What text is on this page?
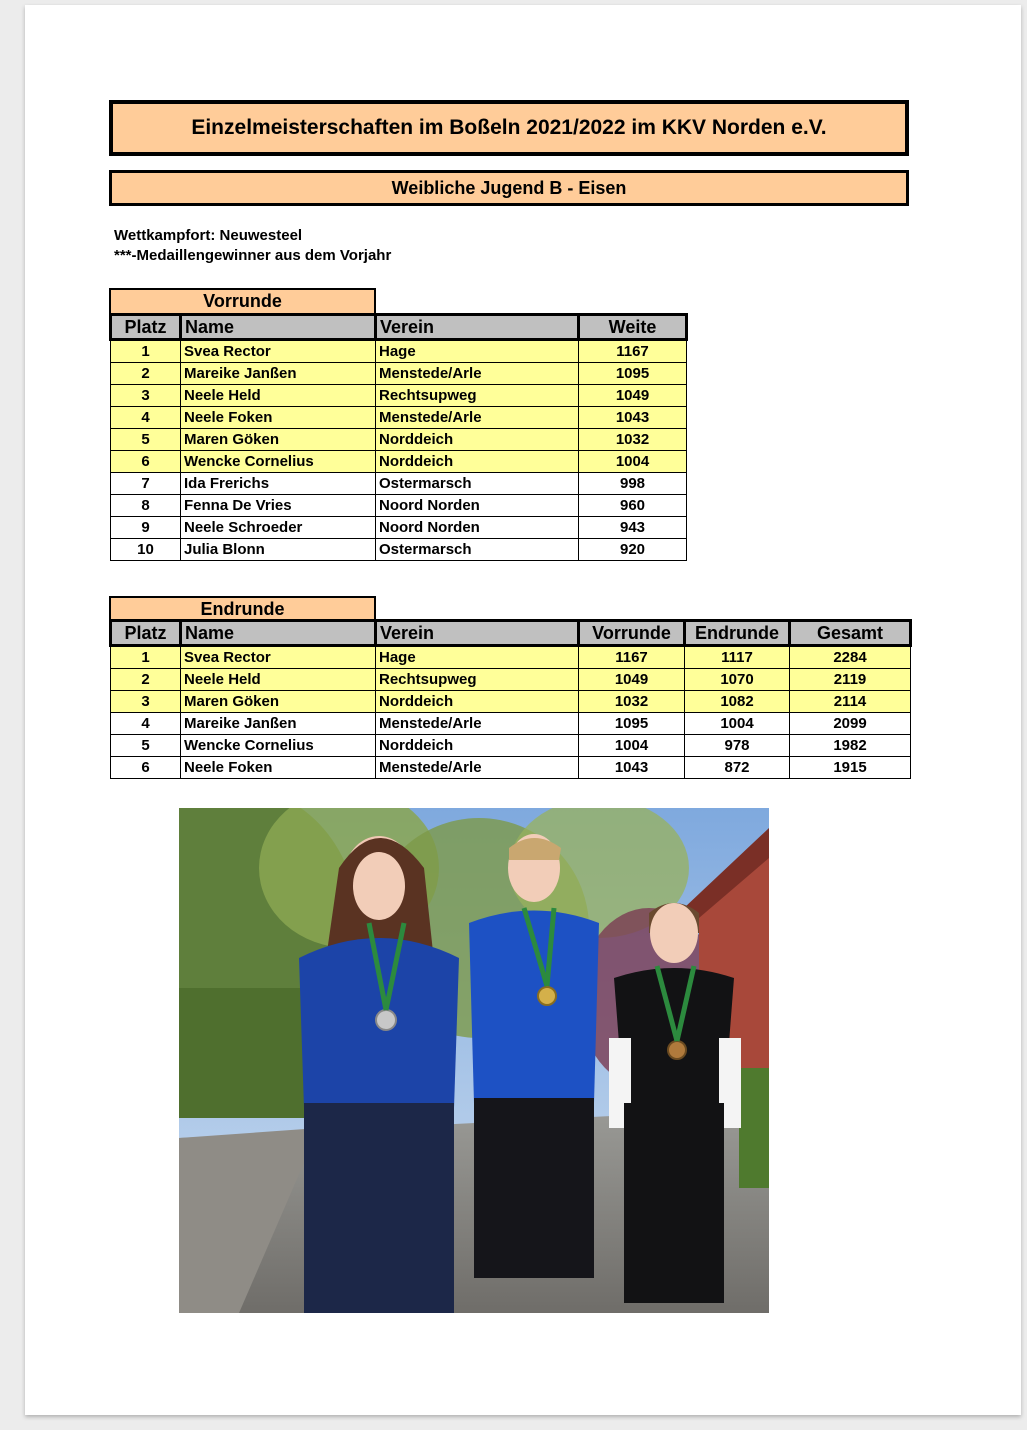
Einzelmeisterschaften im Boßeln 2021/2022 im KKV Norden e.V.
Weibliche Jugend B - Eisen
Wettkampfort: Neuwesteel
***-Medaillengewinner aus dem Vorjahr
Vorrunde
Platz	Name	Verein	Weite
1	Svea Rector	Hage	1167
2	Mareike Janßen	Menstede/Arle	1095
3	Neele Held	Rechtsupweg	1049
4	Neele Foken	Menstede/Arle	1043
5	Maren Göken	Norddeich	1032
6	Wencke Cornelius	Norddeich	1004
7	Ida Frerichs	Ostermarsch	998
8	Fenna De Vries	Noord Norden	960
9	Neele Schroeder	Noord Norden	943
10	Julia Blonn	Ostermarsch	920
Endrunde
Platz	Name	Verein	Vorrunde	Endrunde	Gesamt
1	Svea Rector	Hage	1167	1117	2284
2	Neele Held	Rechtsupweg	1049	1070	2119
3	Maren Göken	Norddeich	1032	1082	2114
4	Mareike Janßen	Menstede/Arle	1095	1004	2099
5	Wencke Cornelius	Norddeich	1004	978	1982
6	Neele Foken	Menstede/Arle	1043	872	1915
